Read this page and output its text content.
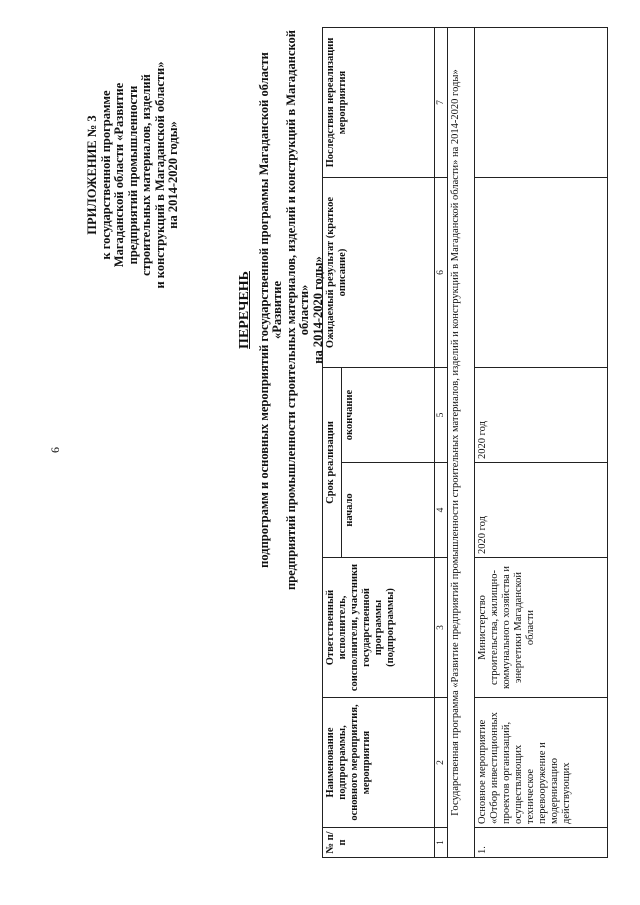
6
ПРИЛОЖЕНИЕ № 3 к государственной программе Магаданской области «Развитие предприятий промышленности строительных материалов, изделий и конструкций в Магаданской области» на 2014-2020 годы»
ПЕРЕЧЕНЬ подпрограмм и основных мероприятий государственной программы Магаданской области «Развитие предприятий промышленности строительных материалов, изделий и конструкций в Магаданской области» на 2014-2020 годы»
№ п/п	Наименование подпрограммы, основного мероприятия, мероприятия	Ответственный исполнитель, соисполнители, участники государственной программы (подпрограммы)	Срок реализации		Ожидаемый результат (краткое описание)	Последствия нереализации мероприятия
			начало	окончание		
1	2	3	4	5	6	7
Государственная программа «Развитие предприятий промышленности строительных материалов, изделий и конструкций в Магаданской области» на 2014-2020 годы»						
1.	Основное мероприятие «Отбор инвестиционных проектов организаций, осуществляющих техническое перевооружение и модернизацию действующих	Министерство строительства, жилищно-коммунального хозяйства и энергетики Магаданской области	2020 год	2020 год		
